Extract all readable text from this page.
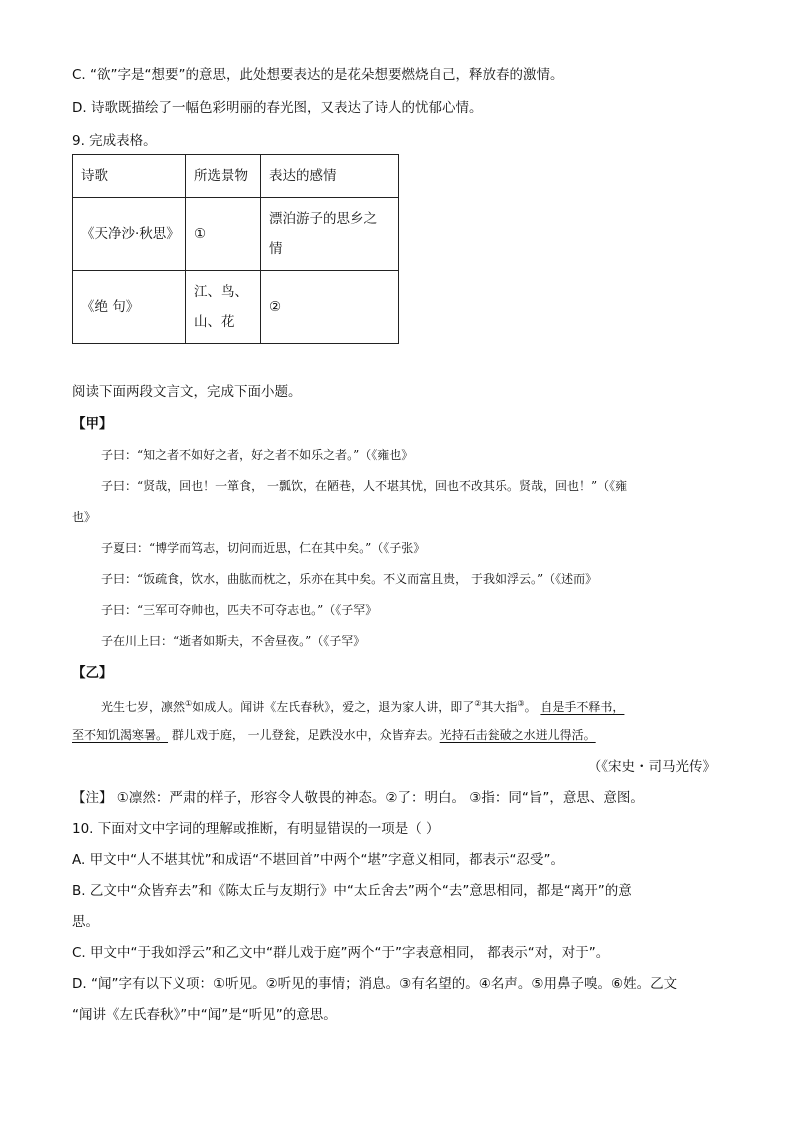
C. “欲”字是“想要”的意思，此处想要表达的是花朵想要燃烧自己，释放春的激情。
D. 诗歌既描绘了一幅色彩明丽的春光图，又表达了诗人的忧郁心情。
9. 完成表格。
诗歌	所选景物	表达的感情
《天净沙·秋思》	①	漂泊游子的思乡之情
《绝 句》	江、鸟、山、花	②
阅读下面两段文言文，完成下面小题。
【甲】
子曰：“知之者不如好之者，好之者不如乐之者。”（《雍也》
子曰：“贤哉，回也！一箪食， 一瓢饮，在陋巷，人不堪其忧，回也不改其乐。贤哉，回也！”（《雍
也》
子夏曰：“博学而笃志，切问而近思，仁在其中矣。”（《子张》
子曰：“饭疏食，饮水，曲肱而枕之，乐亦在其中矣。不义而富且贵， 于我如浮云。”（《述而》
子曰：“三军可夺帅也，匹夫不可夺志也。”（《子罕》
子在川上曰：“逝者如斯夫，不舍昼夜。”（《子罕》
【乙】
光生七岁，凛然①如成人。闻讲《左氏春秋》，爱之，退为家人讲，即了②其大指③。 自是手不释书，
至不知饥渴寒暑。 群儿戏于庭， 一儿登瓮，足跌没水中，众皆弃去。光持石击瓮破之水迸儿得活。
（《宋史・司马光传》
【注】 ①凛然：严肃的样子，形容令人敬畏的神态。②了：明白。 ③指：同“旨”，意思、意图。
10. 下面对文中字词的理解或推断，有明显错误的一项是（ ）
A. 甲文中“人不堪其忧”和成语“不堪回首”中两个“堪”字意义相同，都表示“忍受”。
B. 乙文中“众皆弃去”和《陈太丘与友期行》中“太丘舍去”两个“去”意思相同，都是“离开”的意
思。
C. 甲文中“于我如浮云”和乙文中“群儿戏于庭”两个“于”字表意相同， 都表示“对，对于”。
D. “闻”字有以下义项：①听见。②听见的事情；消息。③有名望的。④名声。⑤用鼻子嗅。⑥姓。乙文
“闻讲《左氏春秋》”中“闻”是“听见”的意思。
